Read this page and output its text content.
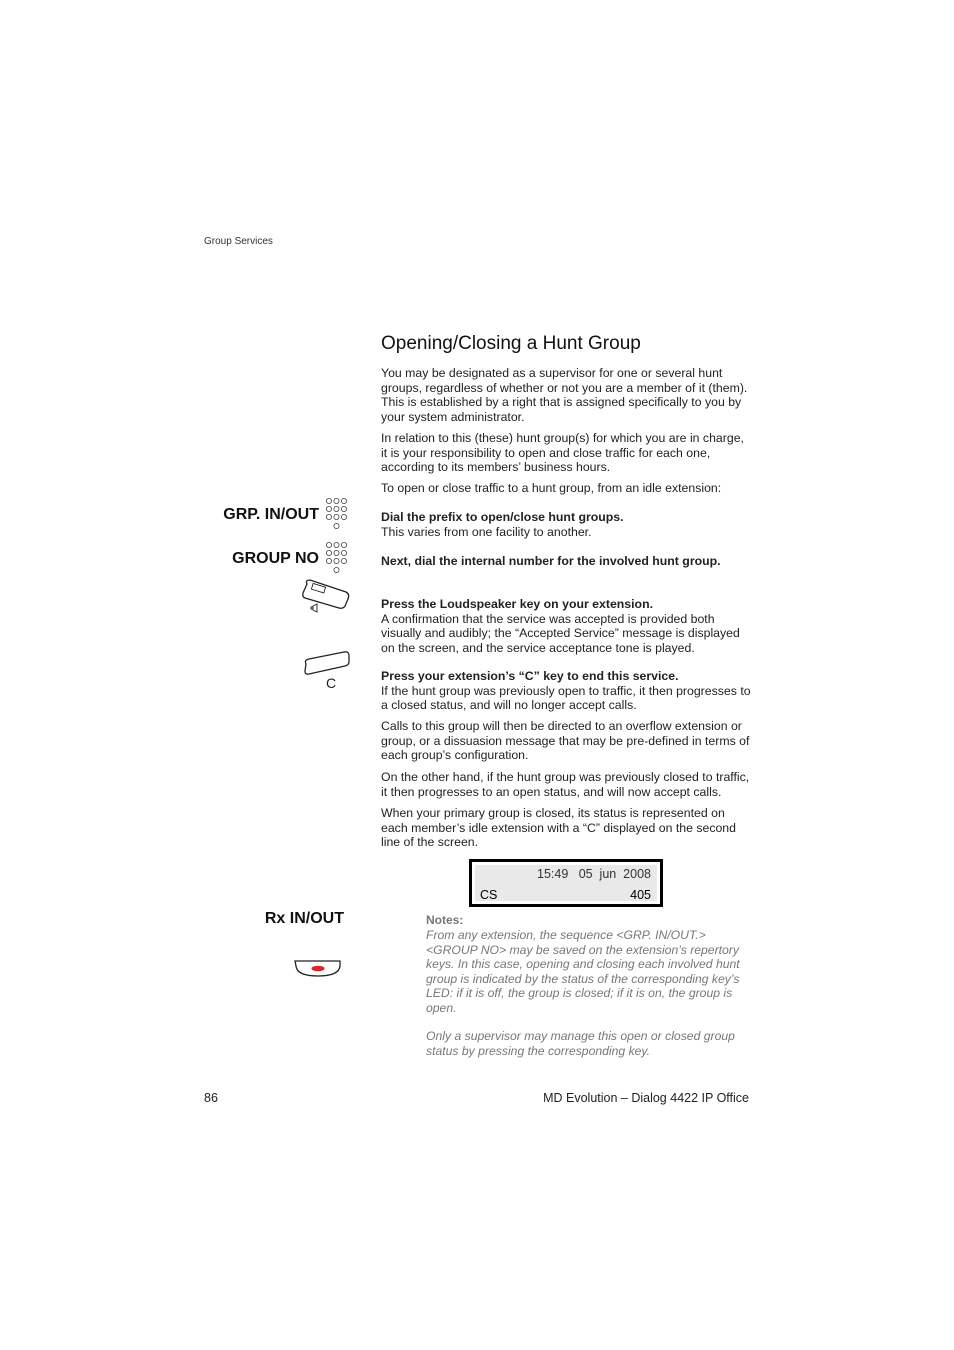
Group Services
Opening/Closing a Hunt Group

You may be designated as a supervisor for one or several hunt groups, regardless of whether or not you are a member of it (them). This is established by a right that is assigned specifically to you by your system administrator.

In relation to this (these) hunt group(s) for which you are in charge, it is your responsibility to open and close traffic for each one, according to its members’ business hours.

To open or close traffic to a hunt group, from an idle extension:

GRP. IN/OUT	Dial the prefix to open/close hunt groups.
This varies from one facility to another.

GROUP NO	Next, dial the internal number for the involved hunt group.

Press the Loudspeaker key on your extension.
A confirmation that the service was accepted is provided both visually and audibly; the “Accepted Service” message is displayed on the screen, and the service acceptance tone is played.

C	Press your extension’s “C” key to end this service.
If the hunt group was previously open to traffic, it then progresses to a closed status, and will no longer accept calls.

Calls to this group will then be directed to an overflow extension or group, or a dissuasion message that may be pre-defined in terms of each group’s configuration.

On the other hand, if the hunt group was previously closed to traffic, it then progresses to an open status, and will now accept calls.

When your primary group is closed, its status is represented on each member’s idle extension with a “C” displayed on the second line of the screen.

15:49 05  jun  2008
CS	405
Rx IN/OUT	Notes:

From any extension, the sequence <GRP. IN/OUT.> <GROUP NO> may be saved on the extension’s repertory keys. In this case, opening and closing each involved hunt group is indicated by the status of the corresponding key’s LED: if it is off, the group is closed; if it is on, the group is open.

Only a supervisor may manage this open or closed group status by pressing the corresponding key.

86	MD Evolution – Dialog 4422 IP Office
